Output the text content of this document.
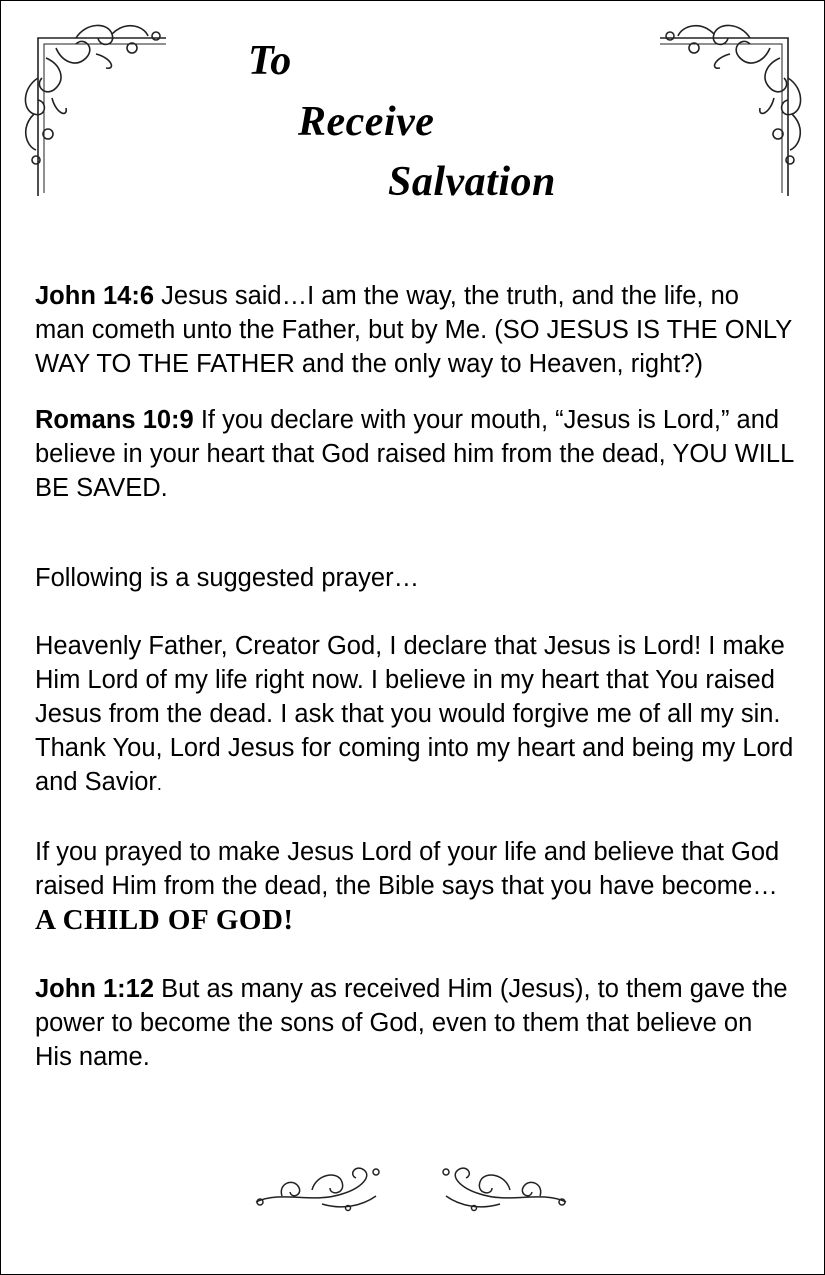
To
Receive
Salvation

John 14:6 Jesus said…I am the way, the truth, and the life, no man cometh unto the Father, but by Me. (SO JESUS IS THE ONLY WAY TO THE FATHER and the only way to Heaven, right?)

Romans 10:9 If you declare with your mouth, “Jesus is Lord,” and believe in your heart that God raised him from the dead, YOU WILL BE SAVED.

Following is a suggested prayer…

Heavenly Father, Creator God, I declare that Jesus is Lord! I make Him Lord of my life right now. I believe in my heart that You raised Jesus from the dead. I ask that you would forgive me of all my sin. Thank You, Lord Jesus for coming into my heart and being my Lord and Savior.

If you prayed to make Jesus Lord of your life and believe that God raised Him from the dead, the Bible says that you have become… A CHILD OF GOD!

John 1:12 But as many as received Him (Jesus), to them gave the power to become the sons of God, even to them that believe on His name.
